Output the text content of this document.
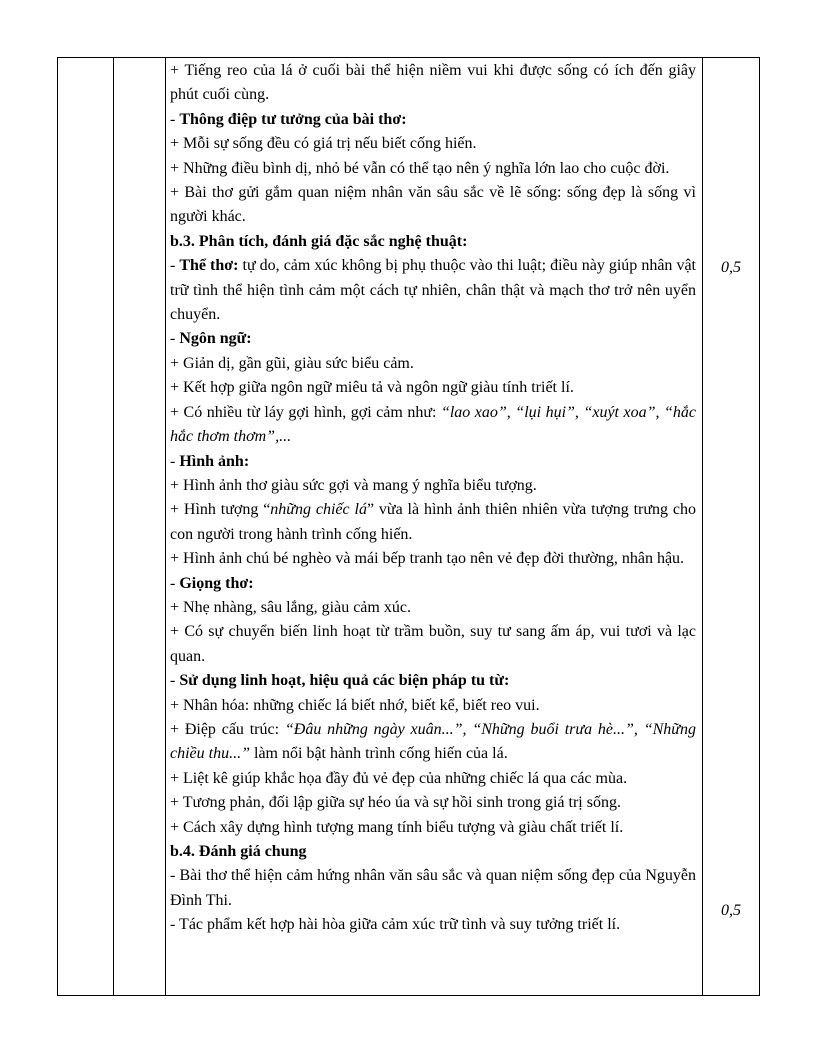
+ Tiếng reo của lá ở cuối bài thể hiện niềm vui khi được sống có ích đến giây phút cuối cùng.

- Thông điệp tư tưởng của bài thơ:

+ Mỗi sự sống đều có giá trị nếu biết cống hiến.

+ Những điều bình dị, nhỏ bé vẫn có thể tạo nên ý nghĩa lớn lao cho cuộc đời.

+ Bài thơ gửi gắm quan niệm nhân văn sâu sắc về lẽ sống: sống đẹp là sống vì người khác.

b.3. Phân tích, đánh giá đặc sắc nghệ thuật:

- Thể thơ: tự do, cảm xúc không bị phụ thuộc vào thi luật; điều này giúp nhân vật trữ tình thể hiện tình cảm một cách tự nhiên, chân thật và mạch thơ trở nên uyển chuyển.

- Ngôn ngữ:

+ Giản dị, gần gũi, giàu sức biểu cảm.

+ Kết hợp giữa ngôn ngữ miêu tả và ngôn ngữ giàu tính triết lí.

+ Có nhiều từ láy gợi hình, gợi cảm như: “lao xao”, “lụi hụi”, “xuýt xoa”, “hắc hắc thơm thơm”,...

- Hình ảnh:

+ Hình ảnh thơ giàu sức gợi và mang ý nghĩa biểu tượng.

+ Hình tượng “những chiếc lá” vừa là hình ảnh thiên nhiên vừa tượng trưng cho con người trong hành trình cống hiến.

+ Hình ảnh chú bé nghèo và mái bếp tranh tạo nên vẻ đẹp đời thường, nhân hậu.

- Giọng thơ:

+ Nhẹ nhàng, sâu lắng, giàu cảm xúc.

+ Có sự chuyển biến linh hoạt từ trầm buồn, suy tư sang ấm áp, vui tươi và lạc quan.

- Sử dụng linh hoạt, hiệu quả các biện pháp tu từ:

+ Nhân hóa: những chiếc lá biết nhớ, biết kể, biết reo vui.

+ Điệp cấu trúc: “Đâu những ngày xuân...”, “Những buổi trưa hè...”, “Những chiều thu...” làm nổi bật hành trình cống hiến của lá.

+ Liệt kê giúp khắc họa đầy đủ vẻ đẹp của những chiếc lá qua các mùa.

+ Tương phản, đối lập giữa sự héo úa và sự hồi sinh trong giá trị sống.

+ Cách xây dựng hình tượng mang tính biểu tượng và giàu chất triết lí.

b.4. Đánh giá chung

- Bài thơ thể hiện cảm hứng nhân văn sâu sắc và quan niệm sống đẹp của Nguyễn Đình Thi.

- Tác phẩm kết hợp hài hòa giữa cảm xúc trữ tình và suy tưởng triết lí.

0,5
0,5
